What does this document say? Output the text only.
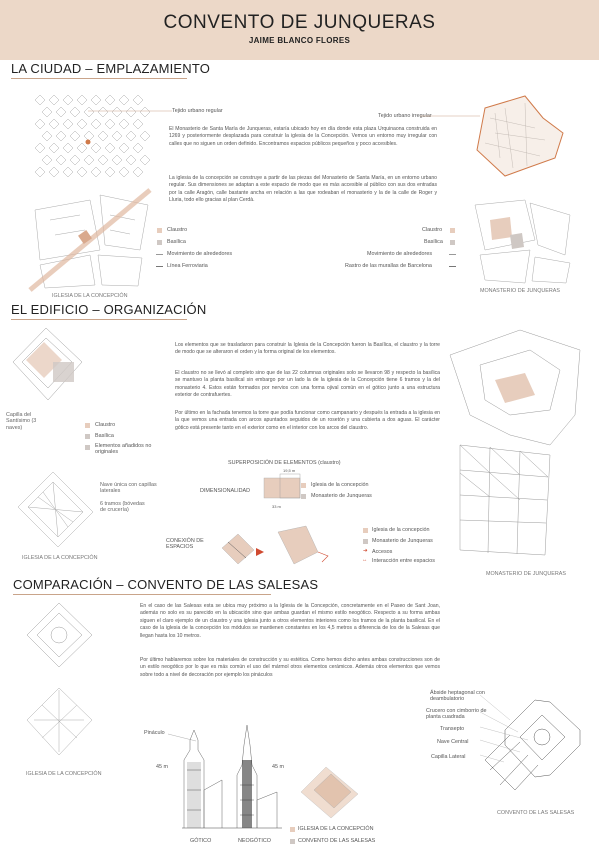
CONVENTO DE JUNQUERAS
JAIME BLANCO FLORES
LA CIUDAD – EMPLAZAMIENTO
Tejido urbano regular
IGLESIA DE LA CONCEPCIÓN
El Monasterio de Santa María de Junqueras, estaría ubicado hoy en día donde esta plaza Urquinaona construida en 1269 y posteriormente desplazada para construir la iglesia de la Concepción. Vemos un entorno muy irregular con calles que no siguen un orden definido. Encontramos espacios públicos pequeños y poco accesibles.
La iglesia de la concepción se construye a partir de las piezas del Monasterio de Santa María, en un entorno urbano regular. Sus dimensiones se adaptan a este espacio de modo que es más accesible al público con sus dos entradas por la calle Aragón, calle bastante ancha en relación a las que rodeaban el monasterio y la de la calle de Roger y Lluria, todo ello gracias al plan Cerdà.
Claustro
Basílica
Movimiento de alrededores
Línea Ferroviaria
Claustro
Basílica
Movimiento de alrededores
Rastro de las murallas de Barcelona
Tejido urbano irregular
MONASTERIO DE JUNQUERAS
EL EDIFICIO – ORGANIZACIÓN
Capilla del Santísimo (3 naves)	Claustro
Basílica
Elementos añadidos no originales
Nave única con capillas laterales
6 tramos (bóvedas de crucería)
IGLESIA DE LA CONCEPCIÓN
Los elementos que se trasladaron para construir la Iglesia de la Concepción fueron la Basílica, el claustro y la torre de modo que se alteraron el orden y la forma original de los elementos.
El claustro no se llevó al completo sino que de las 22 columnas originales solo se llevaron 98 y respecto la basílica se mantuvo la planta basilical sin embargo por un lado la de la iglesia de la Concepción tiene 6 tramos y la del monasterio 4. Estos están formados por nervios con una forma ojival común en el gótico junto a una estructura exterior de contrafuertes.
Por último en la fachada tenemos la torre que podía funcionar como campanario y después la entrada a la iglesia en la que vemos una entrada con arcos apuntados seguidos de un rosetón y una cubierta a dos aguas. El carácter gótico está presente tanto en el exterior como en el interior con los arcos del claustro.
SUPERPOSICIÓN DE ELEMENTOS (claustro)
19,5 m
33 m
DIMENSIONALIDAD
Iglesia de la concepción
Monasterio de Junqueras
CONEXIÓN DE ESPACIOS
Iglesia de la concepción
Monasterio de Junqueras
➜ Accesos
↔ Interacción entre espacios
MONASTERIO DE JUNQUERAS
COMPARACIÓN – CONVENTO DE LAS SALESAS
IGLESIA DE LA CONCEPCIÓN
En el caso de las Salesas esta se ubica muy próximo a la Iglesia de la Concepción, concretamente en el Paseo de Sant Joan, además no solo es su parecido en la ubicación sino que ambas guardan el mismo estilo neogótico. Respecto a su forma ambas siguen el claro ejemplo de un claustro y una iglesia junto a otros elementos interiores como los tramos de la planta basilical. En el caso de la iglesia de la concepción los módulos se mantienen constantes en los 4,5 metros a diferencia de los de la Salesas que llegan hasta los 10 metros.
Por último hablaremos sobre los materiales de construcción y su estética. Como hemos dicho antes ambas construcciones son de un estilo neogótico por lo que es más común el uso del mármol otros elementos cerámicos. Además otros elementos que vemos sobre todo a nivel de decoración por ejemplo los pináculos
Pináculo
45 m	45 m
GÓTICO	NEOGÓTICO
IGLESIA DE LA CONCEPCIÓN
CONVENTO DE LAS SALESAS
Ábside heptagonal con deambulatorio
Crucero con cimborrio de planta cuadrada
Transepto
Nave Central
Capilla Lateral
CONVENTO DE LAS SALESAS
